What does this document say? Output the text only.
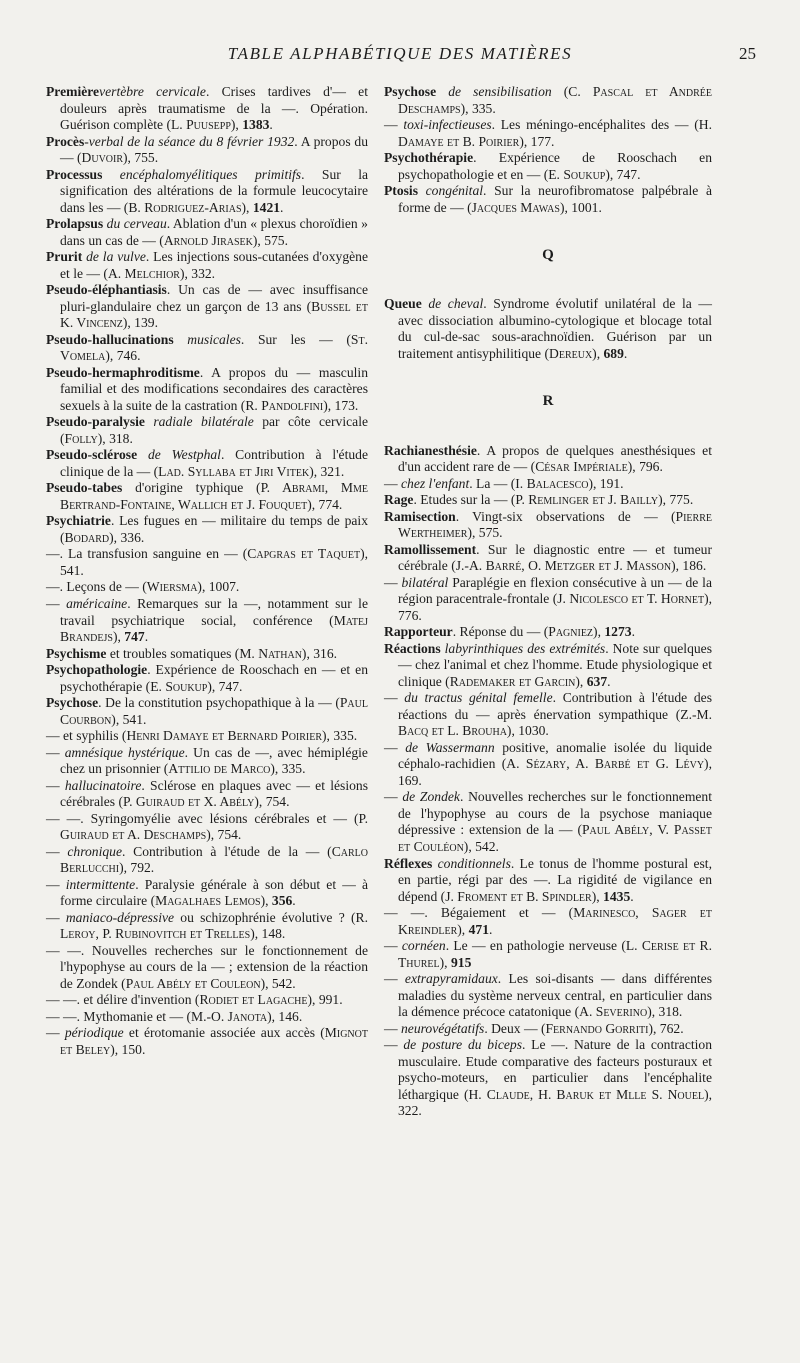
TABLE ALPHABÉTIQUE DES MATIÈRES	25

Premièrevertèbre cervicale. Crises tardives d'— et douleurs après traumatisme de la —. Opération. Guérison complète (L. Puusepp), 1383.

Procès-verbal de la séance du 8 février 1932. A propos du — (Duvoir), 755.

Processus encéphalomyélitiques primitifs. Sur la signification des altérations de la formule leucocytaire dans les — (B. Rodriguez-Arias), 1421.

Prolapsus du cerveau. Ablation d'un « plexus choroïdien » dans un cas de — (Arnold Jirasek), 575.

Prurit de la vulve. Les injections sous-cutanées d'oxygène et le — (A. Melchior), 332.

Pseudo-éléphantiasis. Un cas de — avec insuffisance pluri-glandulaire chez un garçon de 13 ans (Bussel et K. Vincenz), 139.

Pseudo-hallucinations musicales. Sur les — (St. Vomela), 746.

Pseudo-hermaphroditisme. A propos du — masculin familial et des modifications secondaires des caractères sexuels à la suite de la castration (R. Pandolfini), 173.

Pseudo-paralysie radiale bilatérale par côte cervicale (Folly), 318.

Pseudo-sclérose de Westphal. Contribution à l'étude clinique de la — (Lad. Syllaba et Jiri Vitek), 321.

Pseudo-tabes d'origine typhique (P. Abrami, Mme Bertrand-Fontaine, Wallich et J. Fouquet), 774.

Psychiatrie. Les fugues en — militaire du temps de paix (Bodard), 336.

—. La transfusion sanguine en — (Capgras et Taquet), 541.

—. Leçons de — (Wiersma), 1007.

— américaine. Remarques sur la —, notamment sur le travail psychiatrique social, conférence (Matej Brandejs), 747.

Psychisme et troubles somatiques (M. Nathan), 316.

Psychopathologie. Expérience de Rooschach en — et en psychothérapie (E. Soukup), 747.

Psychose. De la constitution psychopathique à la — (Paul Courbon), 541.

— et syphilis (Henri Damaye et Bernard Poirier), 335.

— amnésique hystérique. Un cas de —, avec hémiplégie chez un prisonnier (Attilio de Marco), 335.

— hallucinatoire. Sclérose en plaques avec — et lésions cérébrales (P. Guiraud et X. Abély), 754.

— —. Syringomyélie avec lésions cérébrales et — (P. Guiraud et A. Deschamps), 754.

— chronique. Contribution à l'étude de la — (Carlo Berlucchi), 792.

— intermittente. Paralysie générale à son début et — à forme circulaire (Magalhaes Lemos), 356.

— maniaco-dépressive ou schizophrénie évolutive ? (R. Leroy, P. Rubinovitch et Trelles), 148.

— —. Nouvelles recherches sur le fonctionnement de l'hypophyse au cours de la — ; extension de la réaction de Zondek (Paul Abély et Couleon), 542.

— —. et délire d'invention (Rodiet et Lagache), 991.

— —. Mythomanie et — (M.-O. Janota), 146.

— périodique et érotomanie associée aux accès (Mignot et Beley), 150.

Psychose de sensibilisation (C. Pascal et Andrée Deschamps), 335.

— toxi-infectieuses. Les méningo-encéphalites des — (H. Damaye et B. Poirier), 177.

Psychothérapie. Expérience de Rooschach en psychopathologie et en — (E. Soukup), 747.

Ptosis congénital. Sur la neurofibromatose palpébrale à forme de — (Jacques Mawas), 1001.

Q

Queue de cheval. Syndrome évolutif unilatéral de la — avec dissociation albumino-cytologique et blocage total du cul-de-sac sous-arachnoïdien. Guérison par un traitement antisyphilitique (Dereux), 689.

R

Rachianesthésie. A propos de quelques anesthésiques et d'un accident rare de — (César Impériale), 796.

— chez l'enfant. La — (I. Balacesco), 191.

Rage. Etudes sur la — (P. Remlinger et J. Bailly), 775.

Ramisection. Vingt-six observations de — (Pierre Wertheimer), 575.

Ramollissement. Sur le diagnostic entre — et tumeur cérébrale (J.-A. Barré, O. Metzger et J. Masson), 186.

— bilatéral Paraplégie en flexion consécutive à un — de la région paracentrale-frontale (J. Nicolesco et T. Hornet), 776.

Rapporteur. Réponse du — (Pagniez), 1273.

Réactions labyrinthiques des extrémités. Note sur quelques — chez l'animal et chez l'homme. Etude physiologique et clinique (Rademaker et Garcin), 637.

— du tractus génital femelle. Contribution à l'étude des réactions du — après énervation sympathique (Z.-M. Bacq et L. Brouha), 1030.

— de Wassermann positive, anomalie isolée du liquide céphalo-rachidien (A. Sézary, A. Barbé et G. Lévy), 169.

— de Zondek. Nouvelles recherches sur le fonctionnement de l'hypophyse au cours de la psychose maniaque dépressive : extension de la — (Paul Abély, V. Passet et Couléon), 542.

Réflexes conditionnels. Le tonus de l'homme postural est, en partie, régi par des —. La rigidité de vigilance en dépend (J. Froment et B. Spindler), 1435.

— —. Bégaiement et — (Marinesco, Sager et Kreindler), 471.

— cornéen. Le — en pathologie nerveuse (L. Cerise et R. Thurel), 915

— extrapyramidaux. Les soi-disants — dans différentes maladies du système nerveux central, en particulier dans la démence précoce catatonique (A. Severino), 318.

— neurovégétatifs. Deux — (Fernando Gorriti), 762.

— de posture du biceps. Le —. Nature de la contraction musculaire. Etude comparative des facteurs posturaux et psycho-moteurs, en particulier dans l'encéphalite léthargique (H. Claude, H. Baruk et Mlle S. Nouel), 322.
